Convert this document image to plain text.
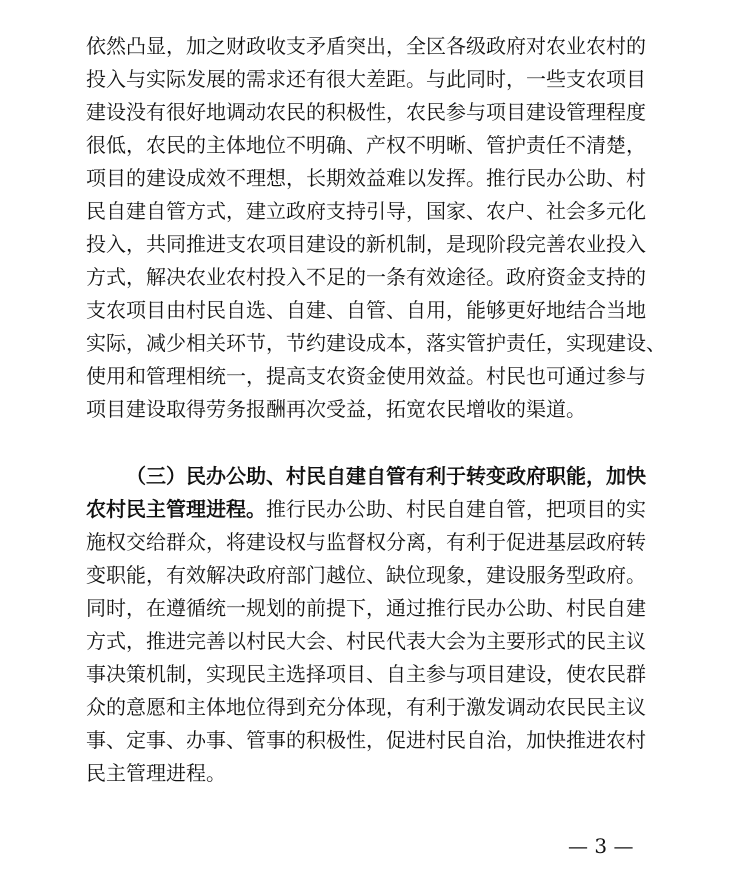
依然凸显，加之财政收支矛盾突出，全区各级政府对农业农村的
投入与实际发展的需求还有很大差距。与此同时，一些支农项目
建设没有很好地调动农民的积极性，农民参与项目建设管理程度
很低，农民的主体地位不明确、产权不明晰、管护责任不清楚，
项目的建设成效不理想，长期效益难以发挥。推行民办公助、村
民自建自管方式，建立政府支持引导，国家、农户、社会多元化
投入，共同推进支农项目建设的新机制，是现阶段完善农业投入
方式，解决农业农村投入不足的一条有效途径。政府资金支持的
支农项目由村民自选、自建、自管、自用，能够更好地结合当地
实际，减少相关环节，节约建设成本，落实管护责任，实现建设、
使用和管理相统一，提高支农资金使用效益。村民也可通过参与
项目建设取得劳务报酬再次受益，拓宽农民增收的渠道。
（三）民办公助、村民自建自管有利于转变政府职能，加快
农村民主管理进程。推行民办公助、村民自建自管，把项目的实
施权交给群众，将建设权与监督权分离，有利于促进基层政府转
变职能，有效解决政府部门越位、缺位现象，建设服务型政府。
同时，在遵循统一规划的前提下，通过推行民办公助、村民自建
方式，推进完善以村民大会、村民代表大会为主要形式的民主议
事决策机制，实现民主选择项目、自主参与项目建设，使农民群
众的意愿和主体地位得到充分体现，有利于激发调动农民民主议
事、定事、办事、管事的积极性，促进村民自治，加快推进农村
民主管理进程。
— 3 —
